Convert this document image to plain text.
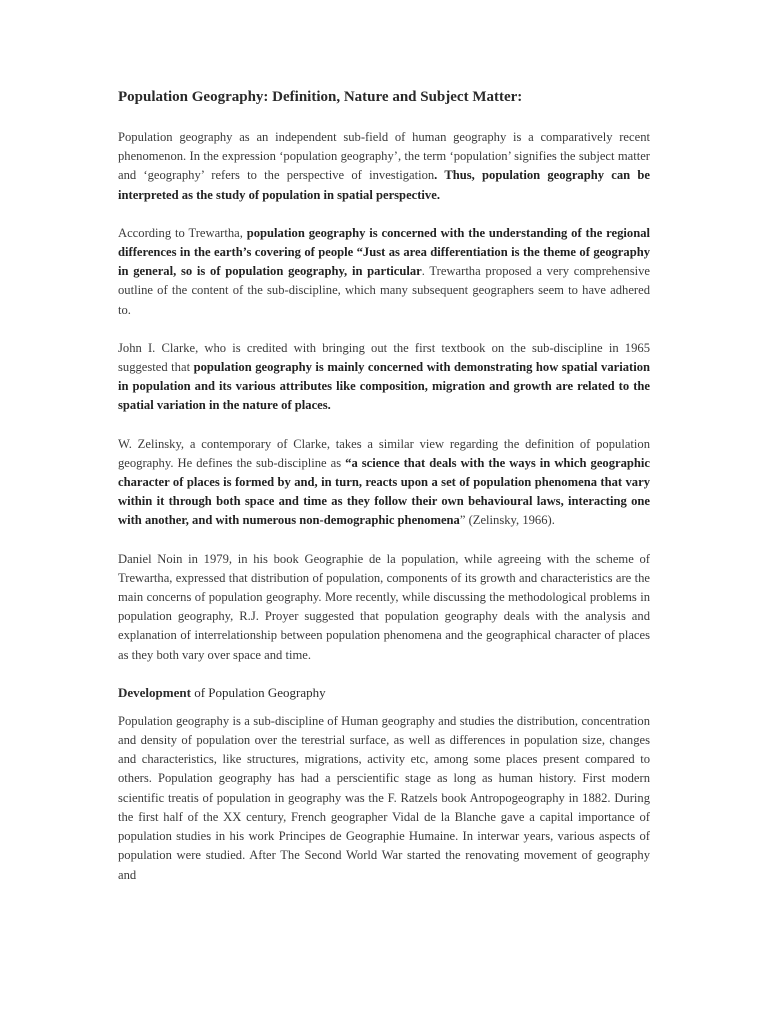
Population Geography: Definition, Nature and Subject Matter:

Population geography as an independent sub-field of human geography is a comparatively recent phenomenon. In the expression ‘population geography’, the term ‘population’ signifies the subject matter and ‘geography’ refers to the perspective of investigation. Thus, population geography can be interpreted as the study of population in spatial perspective.

According to Trewartha, population geography is concerned with the understanding of the regional differences in the earth’s covering of people “Just as area differentiation is the theme of geography in general, so is of population geography, in particular. Trewartha proposed a very comprehensive outline of the content of the sub-discipline, which many subsequent geographers seem to have adhered to.

John I. Clarke, who is credited with bringing out the first textbook on the sub-discipline in 1965 suggested that population geography is mainly concerned with demonstrating how spatial variation in population and its various attributes like composition, migration and growth are related to the spatial variation in the nature of places.

W. Zelinsky, a contemporary of Clarke, takes a similar view regarding the definition of population geography. He defines the sub-discipline as “a science that deals with the ways in which geographic character of places is formed by and, in turn, reacts upon a set of population phenomena that vary within it through both space and time as they follow their own behavioural laws, interacting one with another, and with numerous non-demographic phenomena” (Zelinsky, 1966).

Daniel Noin in 1979, in his book Geographie de la population, while agreeing with the scheme of Trewartha, expressed that distribution of population, components of its growth and characteristics are the main concerns of population geography. More recently, while discussing the methodological problems in population geography, R.J. Proyer suggested that population geography deals with the analysis and explanation of interrelationship between population phenomena and the geographical character of places as they both vary over space and time.

Development of Population Geography

Population geography is a sub-discipline of Human geography and studies the distribution, concentration and density of population over the terestrial surface, as well as differences in population size, changes and characteristics, like structures, migrations, activity etc, among some places present compared to others. Population geography has had a perscientific stage as long as human history. First modern scientific treatis of population in geography was the F. Ratzels book Antropogeography in 1882. During the first half of the XX century, French geographer Vidal de la Blanche gave a capital importance of population studies in his work Principes de Geographie Humaine. In interwar years, various aspects of population were studied. After The Second World War started the renovating movement of geography and
